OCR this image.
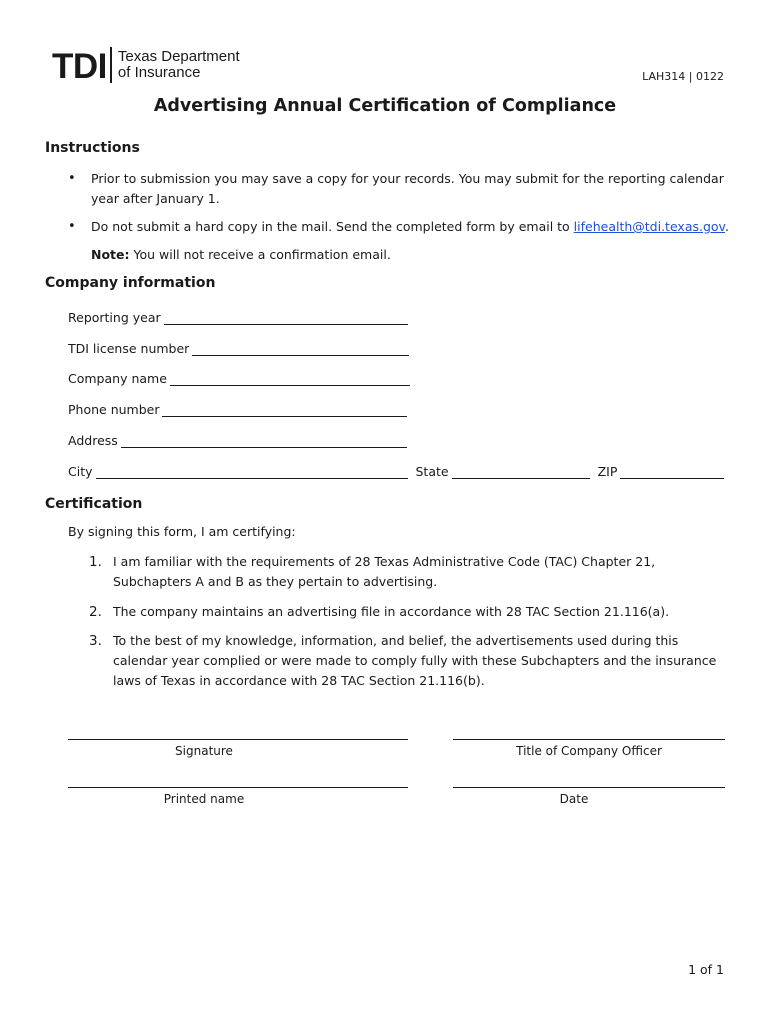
TDI Texas Department
of Insurance	LAH314 | 0122
Advertising Annual Certification of Compliance
Instructions
• Prior to submission you may save a copy for your records. You may submit for the reporting calendar year after January 1.
• Do not submit a hard copy in the mail. Send the completed form by email to lifehealth@tdi.texas.gov.
Note: You will not receive a confirmation email.
Company information
Reporting year
TDI license number
Company name
Phone number
Address
City	State	ZIP
Certification
By signing this form, I am certifying:
1. I am familiar with the requirements of 28 Texas Administrative Code (TAC) Chapter 21, Subchapters A and B as they pertain to advertising.
2. The company maintains an advertising file in accordance with 28 TAC Section 21.116(a).
3. To the best of my knowledge, information, and belief, the advertisements used during this calendar year complied or were made to comply fully with these Subchapters and the insurance laws of Texas in accordance with 28 TAC Section 21.116(b).
Signature	Title of Company Officer
Printed name	Date
1 of 1
